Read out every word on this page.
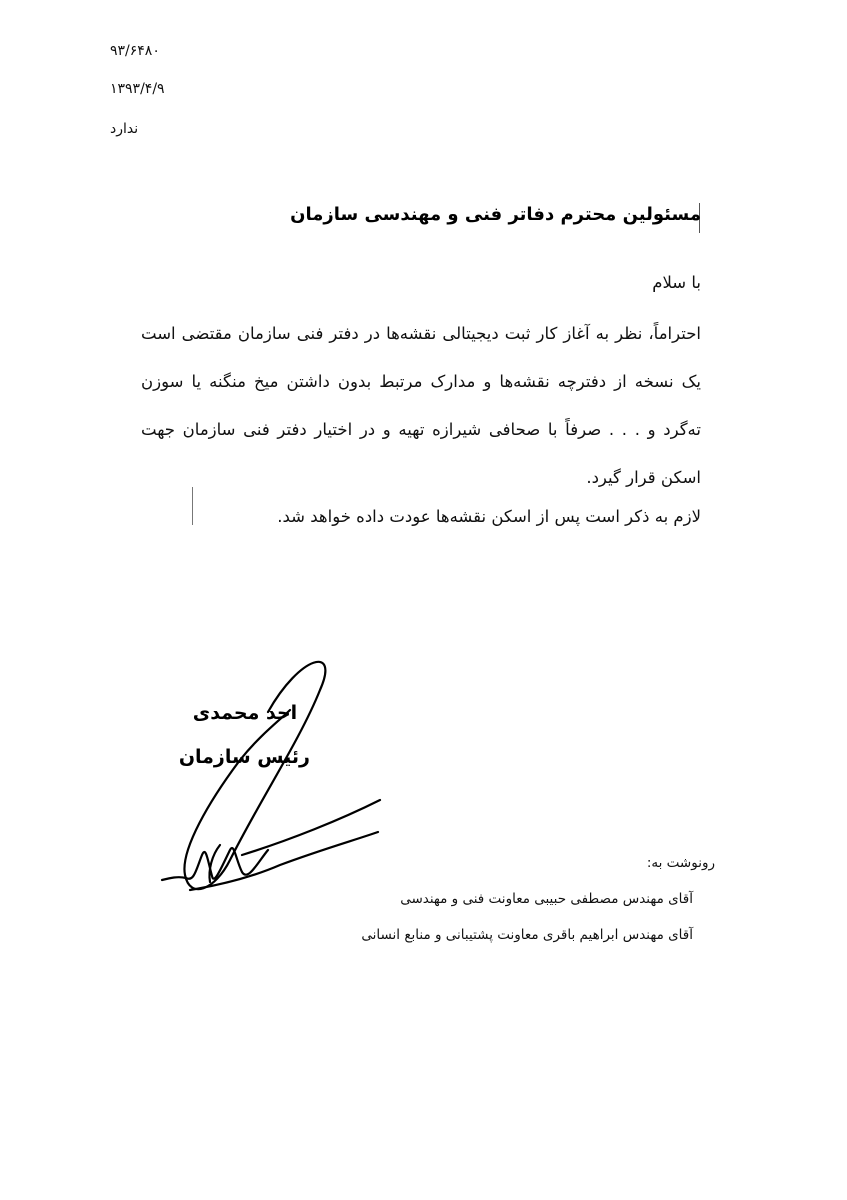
۹۳/۶۴۸۰
۱۳۹۳/۴/۹
ندارد
مسئولین محترم دفاتر فنی و مهندسی سازمان

با سلام

احتراماً، نظر به آغاز کار ثبت دیجیتالی نقشه‌ها در دفتر فنی سازمان مقتضی است یک نسخه از دفترچه نقشه‌ها و مدارک مرتبط بدون داشتن میخ منگنه یا سوزن ته‌گرد و . . . صرفاً با صحافی شیرازه تهیه و در اختیار دفتر فنی سازمان جهت اسکن قرار گیرد.

لازم به ذکر است پس از اسکن نقشه‌ها عودت داده خواهد شد.

احد محمدی
رئیس سازمان
رونوشت به:
آقای مهندس مصطفی حبیبی معاونت فنی و مهندسی
آقای مهندس ابراهیم باقری معاونت پشتیبانی و منابع انسانی
